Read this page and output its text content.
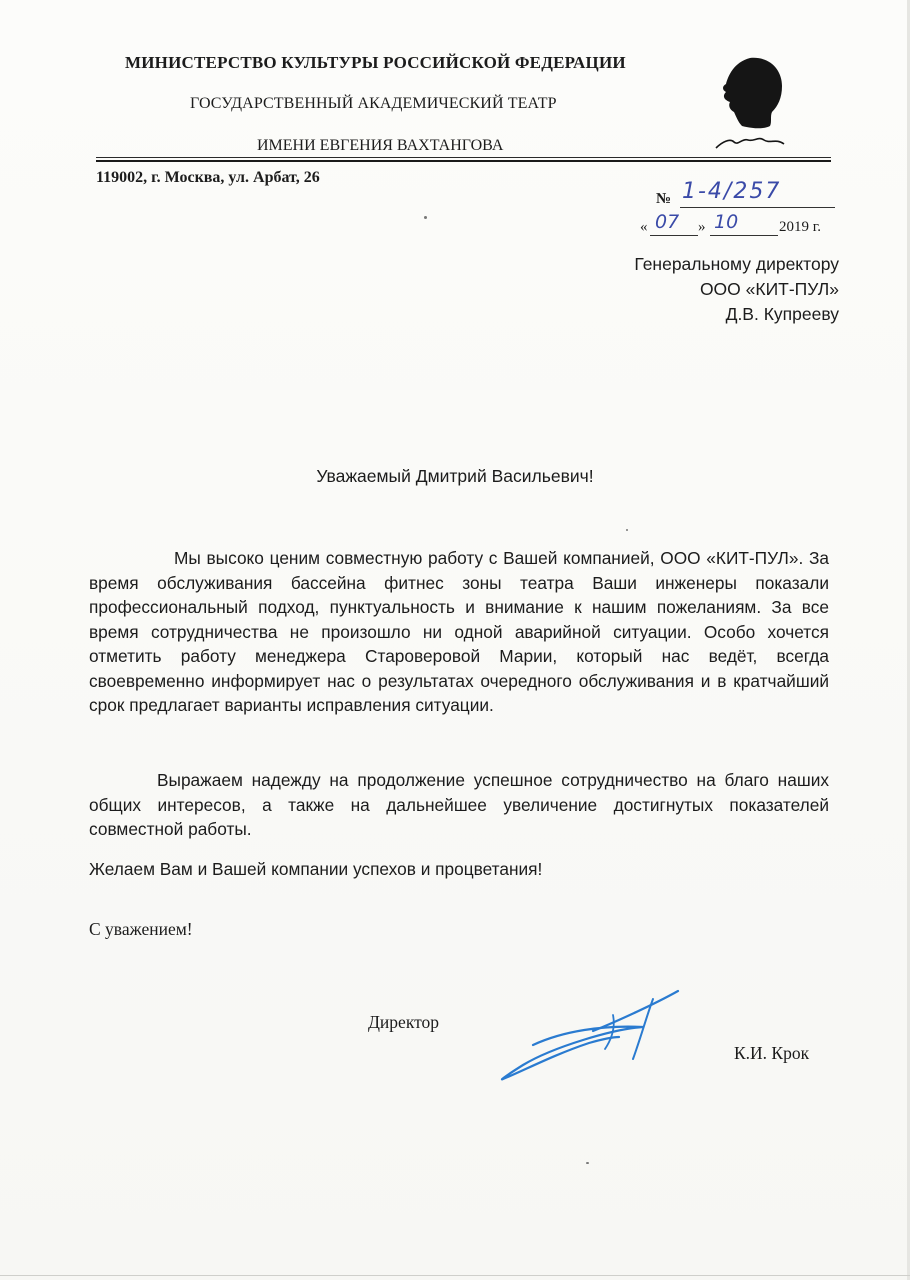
МИНИСТЕРСТВО КУЛЬТУРЫ РОССИЙСКОЙ ФЕДЕРАЦИИ
ГОСУДАРСТВЕННЫЙ АКАДЕМИЧЕСКИЙ ТЕАТР
ИМЕНИ ЕВГЕНИЯ ВАХТАНГОВА
119002, г. Москва, ул. Арбат, 26
№ 1-4/257
« 07 » 10	2019 г.
Генеральному директору
ООО «КИТ-ПУЛ»
Д.В. Купрееву
Уважаемый Дмитрий Васильевич!
Мы высоко ценим совместную работу с Вашей компанией, ООО «КИТ-ПУЛ». За время обслуживания бассейна фитнес зоны театра Ваши инженеры показали профессиональный подход, пунктуальность и внимание к нашим пожеланиям. За все время сотрудничества не произошло ни одной аварийной ситуации. Особо хочется отметить работу менеджера Староверовой Марии, который нас ведёт, всегда своевременно информирует нас о результатах очередного обслуживания и в кратчайший срок предлагает варианты исправления ситуации.
Выражаем надежду на продолжение успешное сотрудничество на благо наших общих интересов, а также на дальнейшее увеличение достигнутых показателей совместной работы.
Желаем Вам и Вашей компании успехов и процветания!
С уважением!
Директор
К.И. Крок
